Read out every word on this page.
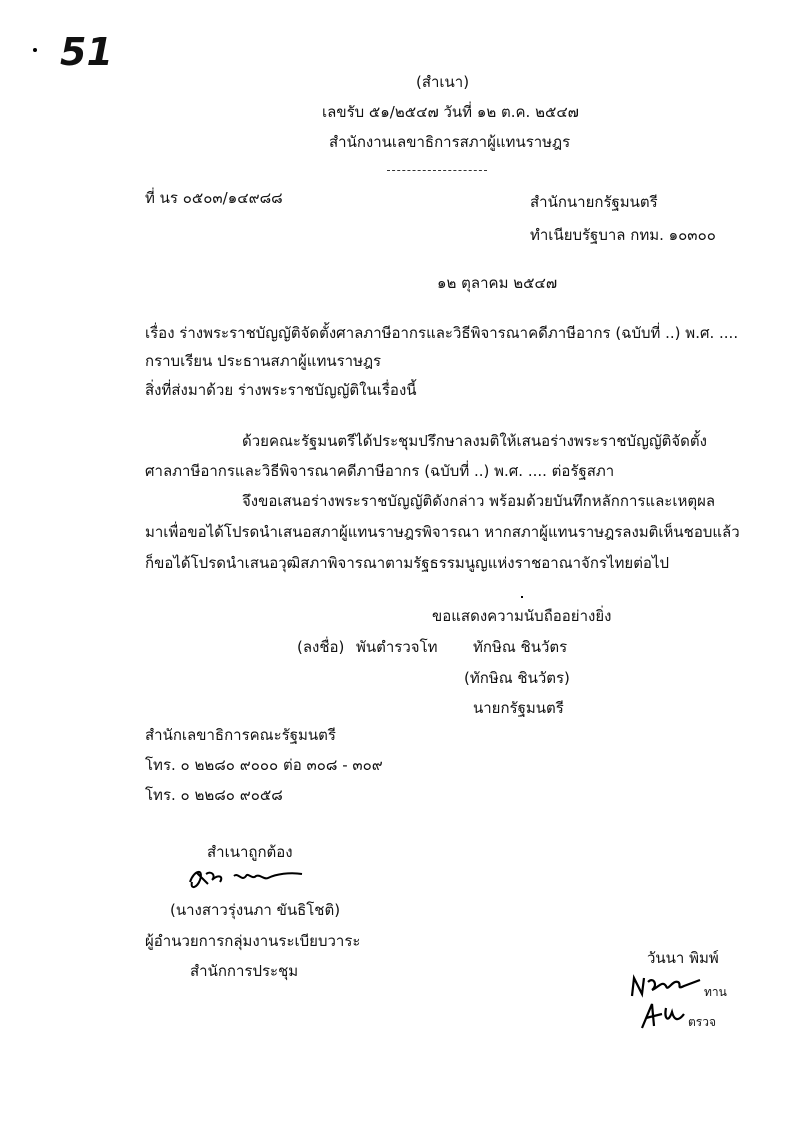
51
(สำเนา)
เลขรับ ๕๑/๒๕๔๗ วันที่ ๑๒ ต.ค. ๒๕๔๗
สำนักงานเลขาธิการสภาผู้แทนราษฎร
ที่ นร ๐๕๐๓/๑๔๙๘๘	สำนักนายกรัฐมนตรี
ทำเนียบรัฐบาล กทม. ๑๐๓๐๐
๑๒ ตุลาคม ๒๕๔๗
เรื่อง ร่างพระราชบัญญัติจัดตั้งศาลภาษีอากรและวิธีพิจารณาคดีภาษีอากร (ฉบับที่ ..) พ.ศ. ....
กราบเรียน ประธานสภาผู้แทนราษฎร
สิ่งที่ส่งมาด้วย ร่างพระราชบัญญัติในเรื่องนี้
ด้วยคณะรัฐมนตรีได้ประชุมปรึกษาลงมติให้เสนอร่างพระราชบัญญัติจัดตั้ง
ศาลภาษีอากรและวิธีพิจารณาคดีภาษีอากร (ฉบับที่ ..) พ.ศ. .... ต่อรัฐสภา
จึงขอเสนอร่างพระราชบัญญัติดังกล่าว พร้อมด้วยบันทึกหลักการและเหตุผล
มาเพื่อขอได้โปรดนำเสนอสภาผู้แทนราษฎรพิจารณา หากสภาผู้แทนราษฎรลงมติเห็นชอบแล้ว
ก็ขอได้โปรดนำเสนอวุฒิสภาพิจารณาตามรัฐธรรมนูญแห่งราชอาณาจักรไทยต่อไป
ขอแสดงความนับถืออย่างยิ่ง
(ลงชื่อ) พันตำรวจโท ทักษิณ ชินวัตร
(ทักษิณ ชินวัตร)
นายกรัฐมนตรี
สำนักเลขาธิการคณะรัฐมนตรี
โทร. ๐ ๒๒๘๐ ๙๐๐๐ ต่อ ๓๐๘ - ๓๐๙
โทร. ๐ ๒๒๘๐ ๙๐๕๘
สำเนาถูกต้อง
(นางสาวรุ่งนภา ขันธิโชติ)
ผู้อำนวยการกลุ่มงานระเบียบวาระ
สำนักการประชุม
วันนา พิมพ์
ทาน
ตรวจ
